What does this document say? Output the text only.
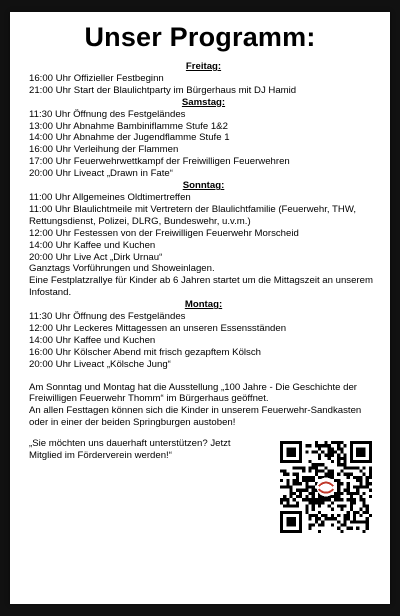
Unser Programm:
Freitag:
16:00 Uhr Offizieller Festbeginn
21:00 Uhr Start der Blaulichtparty im Bürgerhaus mit DJ Hamid
Samstag:
11:30 Uhr Öffnung des Festgeländes
13:00 Uhr Abnahme Bambiniflamme Stufe 1&2
14:00 Uhr Abnahme der Jugendflamme Stufe 1
16:00 Uhr Verleihung der Flammen
17:00 Uhr Feuerwehrwettkampf der Freiwilligen Feuerwehren
20:00 Uhr Liveact „Drawn in Fate“
Sonntag:
11:00 Uhr Allgemeines Oldtimertreffen
11:00 Uhr Blaulichtmeile mit Vertretern der Blaulichtfamilie (Feuerwehr, THW, Rettungsdienst, Polizei, DLRG, Bundeswehr, u.v.m.)
12:00 Uhr Festessen von der Freiwilligen Feuerwehr Morscheid
14:00 Uhr Kaffee und Kuchen
20:00 Uhr Live Act „Dirk Urnau“
Ganztags Vorführungen und Showeinlagen.
Eine Festplatzrallye für Kinder ab 6 Jahren startet um die Mittagszeit an unserem Infostand.
Montag:
11:30 Uhr Öffnung des Festgeländes
12:00 Uhr Leckeres Mittagessen an unseren Essensständen
14:00 Uhr Kaffee und Kuchen
16:00 Uhr Kölscher Abend mit frisch gezapftem Kölsch
20:00 Uhr Liveact „Kölsche Jung“
Am Sonntag und Montag hat die Ausstellung „100 Jahre - Die Geschichte der Freiwilligen Feuerwehr Thomm“ im Bürgerhaus geöffnet.
An allen Festtagen können sich die Kinder in unserem Feuerwehr-Sandkasten oder in einer der beiden Springburgen austoben!
„Sie möchten uns dauerhaft unterstützen? Jetzt Mitglied im Förderverein werden!“
